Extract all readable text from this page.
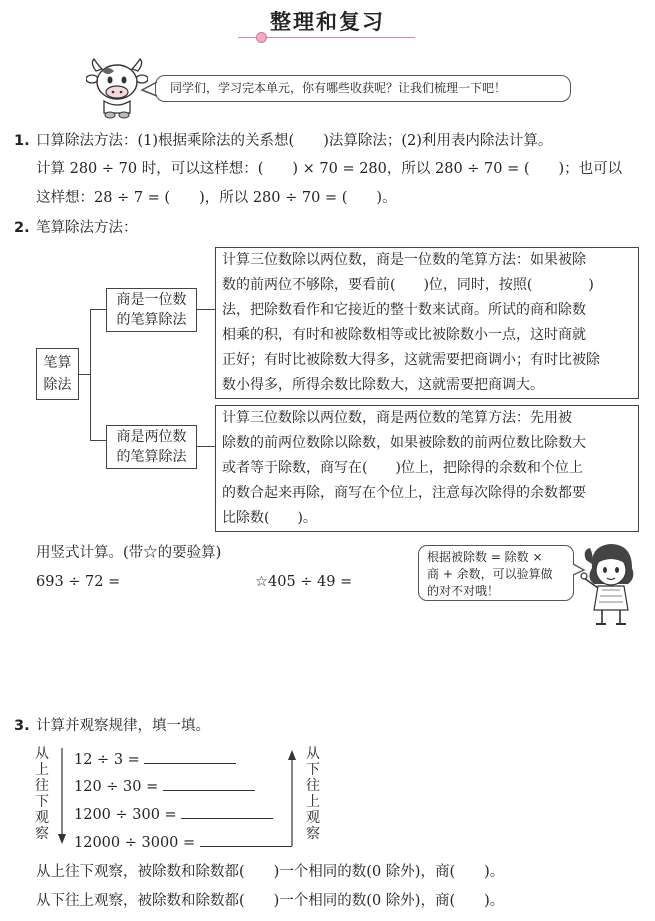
整理和复习
同学们，学习完本单元，你有哪些收获呢？让我们梳理一下吧！
1. 口算除法方法：(1)根据乘除法的关系想(　　)法算除法；(2)利用表内除法计算。
计算 280 ÷ 70 时，可以这样想：(　　) × 70 = 280，所以 280 ÷ 70 = (　　)；也可以
这样想：28 ÷ 7 = (　　)，所以 280 ÷ 70 = (　　)。
2. 笔算除法方法：
笔算
除法
商是一位数
的笔算除法
计算三位数除以两位数，商是一位数的笔算方法：如果被除
数的前两位不够除，要看前(　　)位，同时，按照(　　　　)
法，把除数看作和它接近的整十数来试商。所试的商和除数
相乘的积，有时和被除数相等或比被除数小一点，这时商就
正好；有时比被除数大得多，这就需要把商调小；有时比被除
数小得多，所得余数比除数大，这就需要把商调大。
商是两位数
的笔算除法
计算三位数除以两位数，商是两位数的笔算方法：先用被
除数的前两位数除以除数，如果被除数的前两位数比除数大
或者等于除数，商写在(　　)位上，把除得的余数和个位上
的数合起来再除，商写在个位上，注意每次除得的余数都要
比除数(　　)。
用竖式计算。(带☆的要验算)
693 ÷ 72 =	☆405 ÷ 49 =
根据被除数 = 除数 ×
商 + 余数，可以验算做
的对不对哦！
3. 计算并观察规律，填一填。
从
上
往
下
观
察
12 ÷ 3 =
120 ÷ 30 =
1200 ÷ 300 =
12000 ÷ 3000 =
从
下
往
上
观
察
从上往下观察，被除数和除数都(　　)一个相同的数(0 除外)，商(　　)。
从下往上观察，被除数和除数都(　　)一个相同的数(0 除外)，商(　　)。
